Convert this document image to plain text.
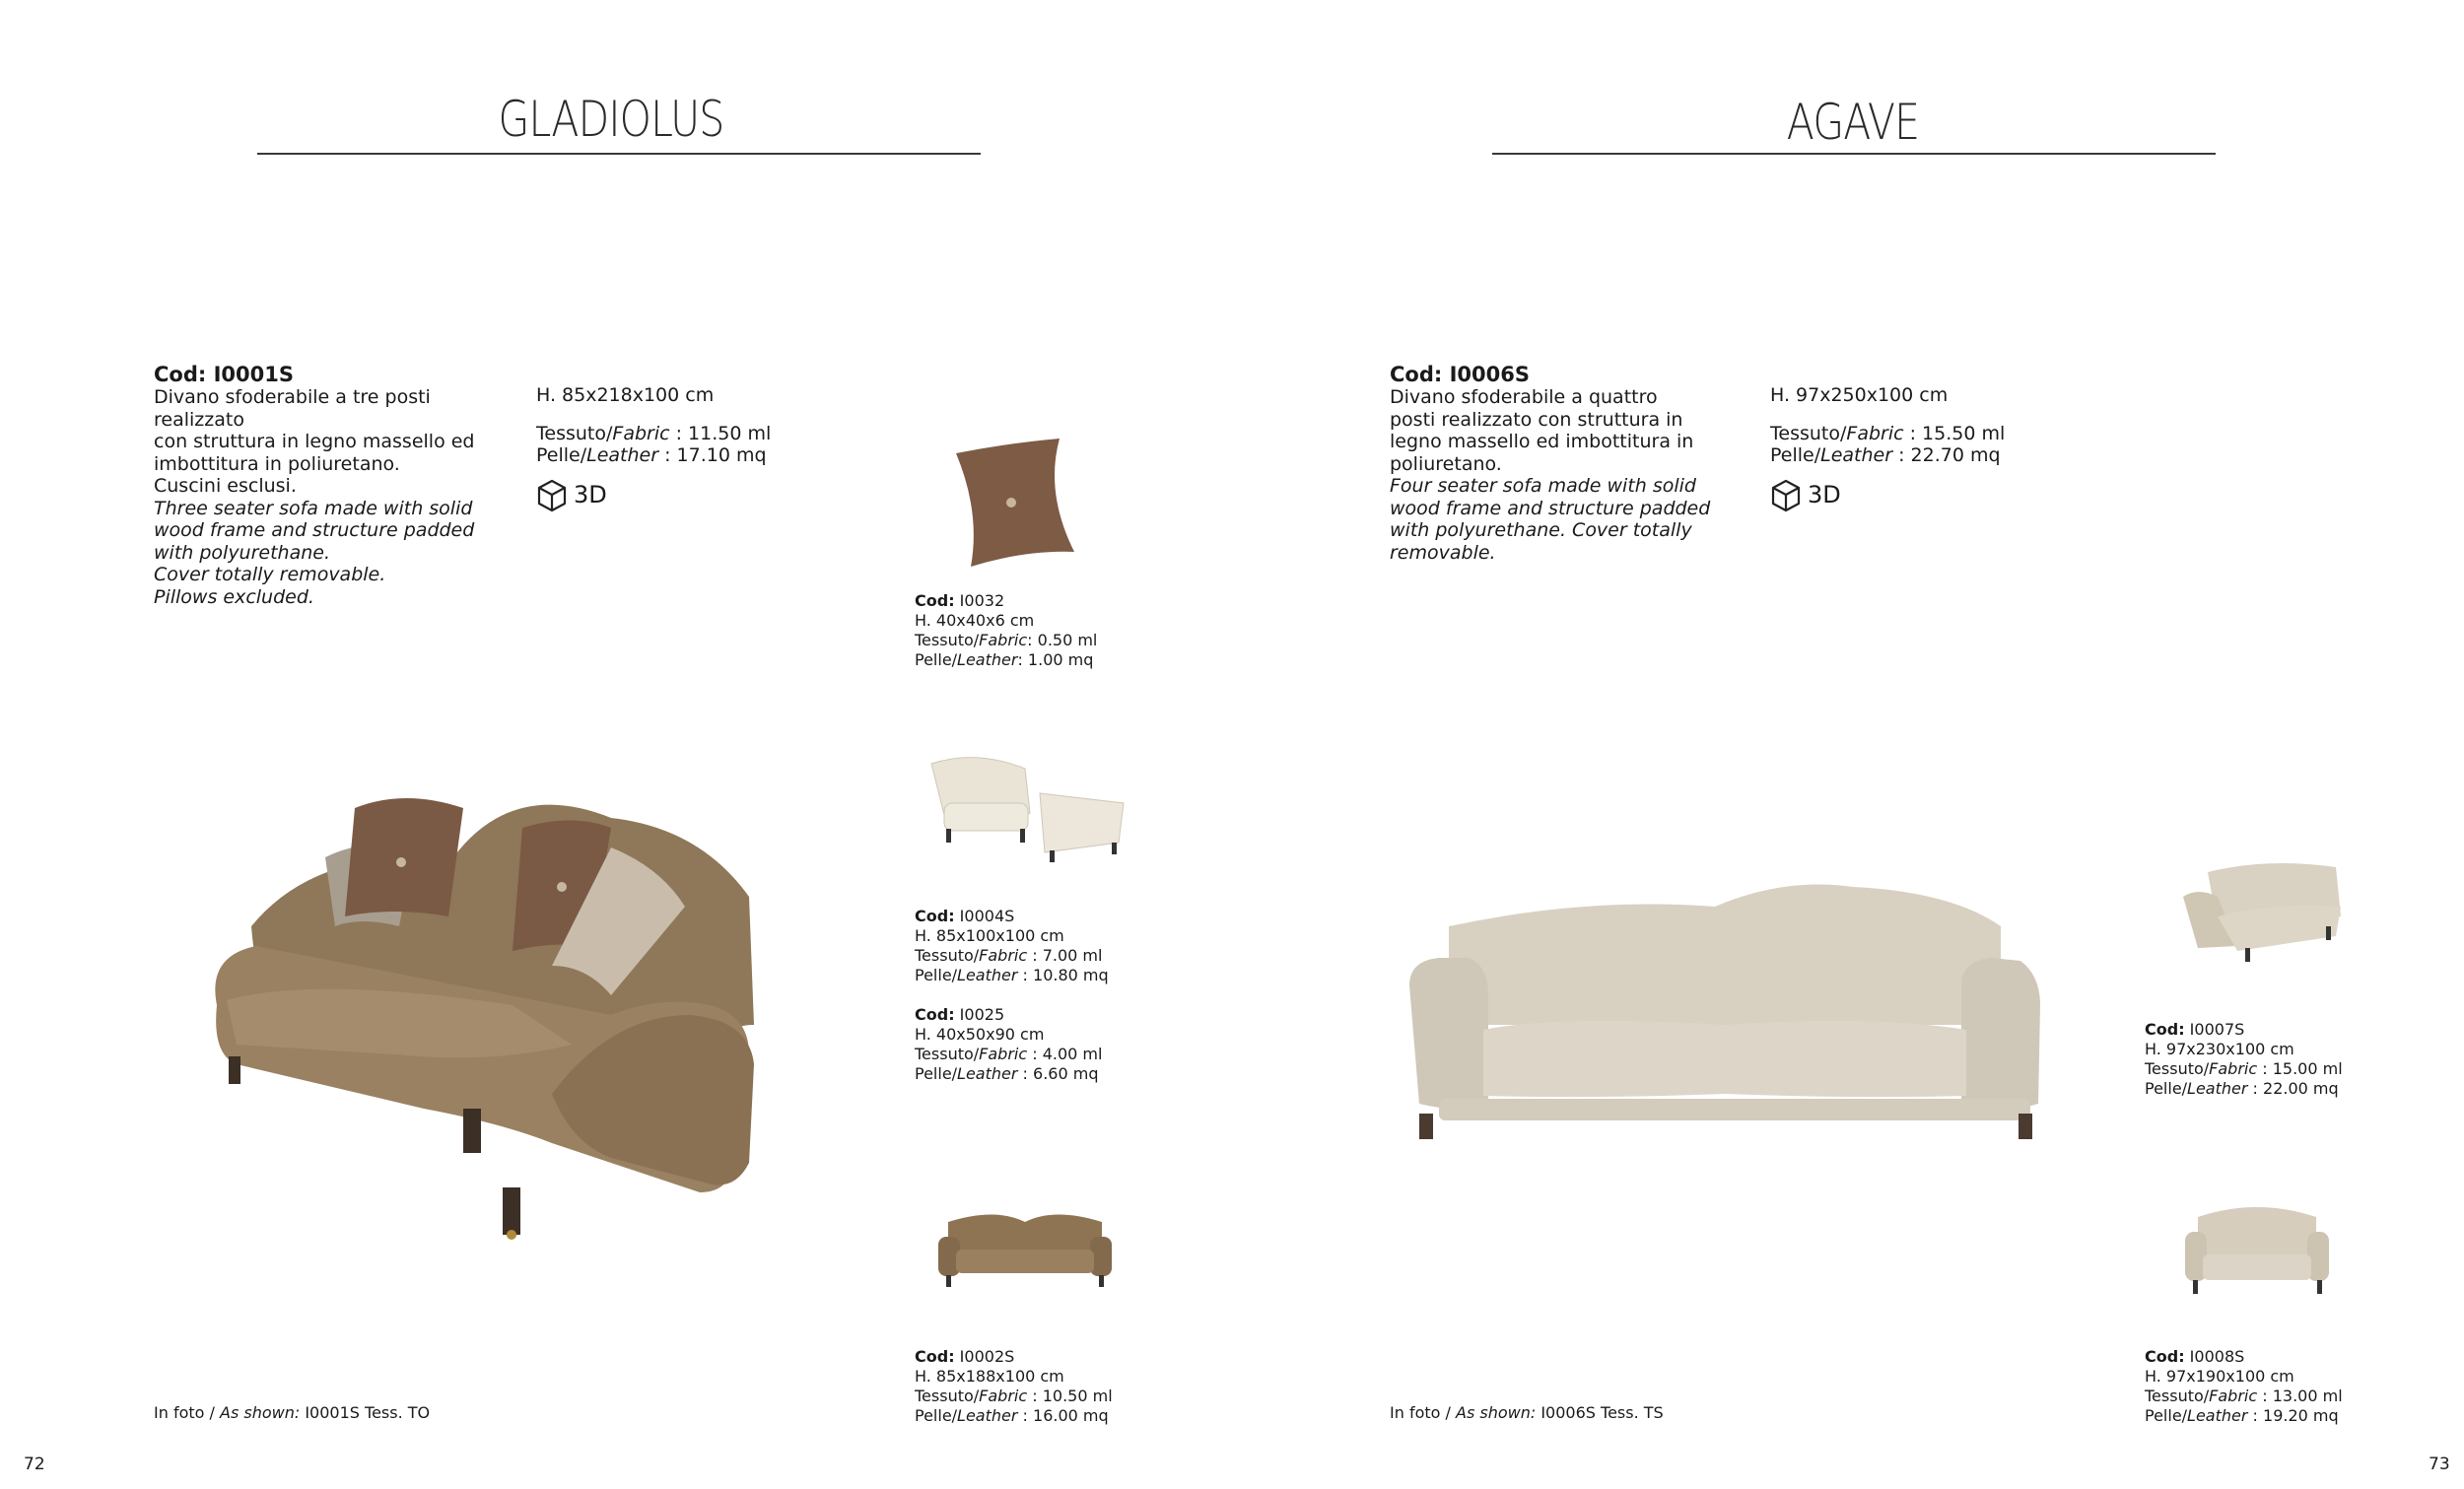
GLADIOLUS
Cod: I0001S
Divano sfoderabile a tre posti realizzato
con struttura in legno massello ed
imbottitura in poliuretano.
Cuscini esclusi.
Three seater sofa made with solid
wood frame and structure padded
with polyurethane.
Cover totally removable.
Pillows excluded.
H. 85x218x100 cm
Tessuto/Fabric : 11.50 ml
Pelle/Leather : 17.10 mq
3D
In foto / As shown: I0001S Tess. TO
72
Cod: I0032
H. 40x40x6 cm
Tessuto/Fabric: 0.50 ml
Pelle/Leather: 1.00 mq
Cod: I0004S
H. 85x100x100 cm
Tessuto/Fabric : 7.00 ml
Pelle/Leather : 10.80 mq
Cod: I0025
H. 40x50x90 cm
Tessuto/Fabric : 4.00 ml
Pelle/Leather : 6.60 mq
Cod: I0002S
H. 85x188x100 cm
Tessuto/Fabric : 10.50 ml
Pelle/Leather : 16.00 mq
AGAVE
Cod: I0006S
Divano sfoderabile a quattro
posti realizzato con struttura in
legno massello ed imbottitura in
poliuretano.
Four seater sofa made with solid
wood frame and structure padded
with polyurethane. Cover totally
removable.
H. 97x250x100 cm
Tessuto/Fabric : 15.50 ml
Pelle/Leather : 22.70 mq
3D
In foto / As shown: I0006S Tess. TS
73
Cod: I0007S
H. 97x230x100 cm
Tessuto/Fabric : 15.00 ml
Pelle/Leather : 22.00 mq
Cod: I0008S
H. 97x190x100 cm
Tessuto/Fabric : 13.00 ml
Pelle/Leather : 19.20 mq
